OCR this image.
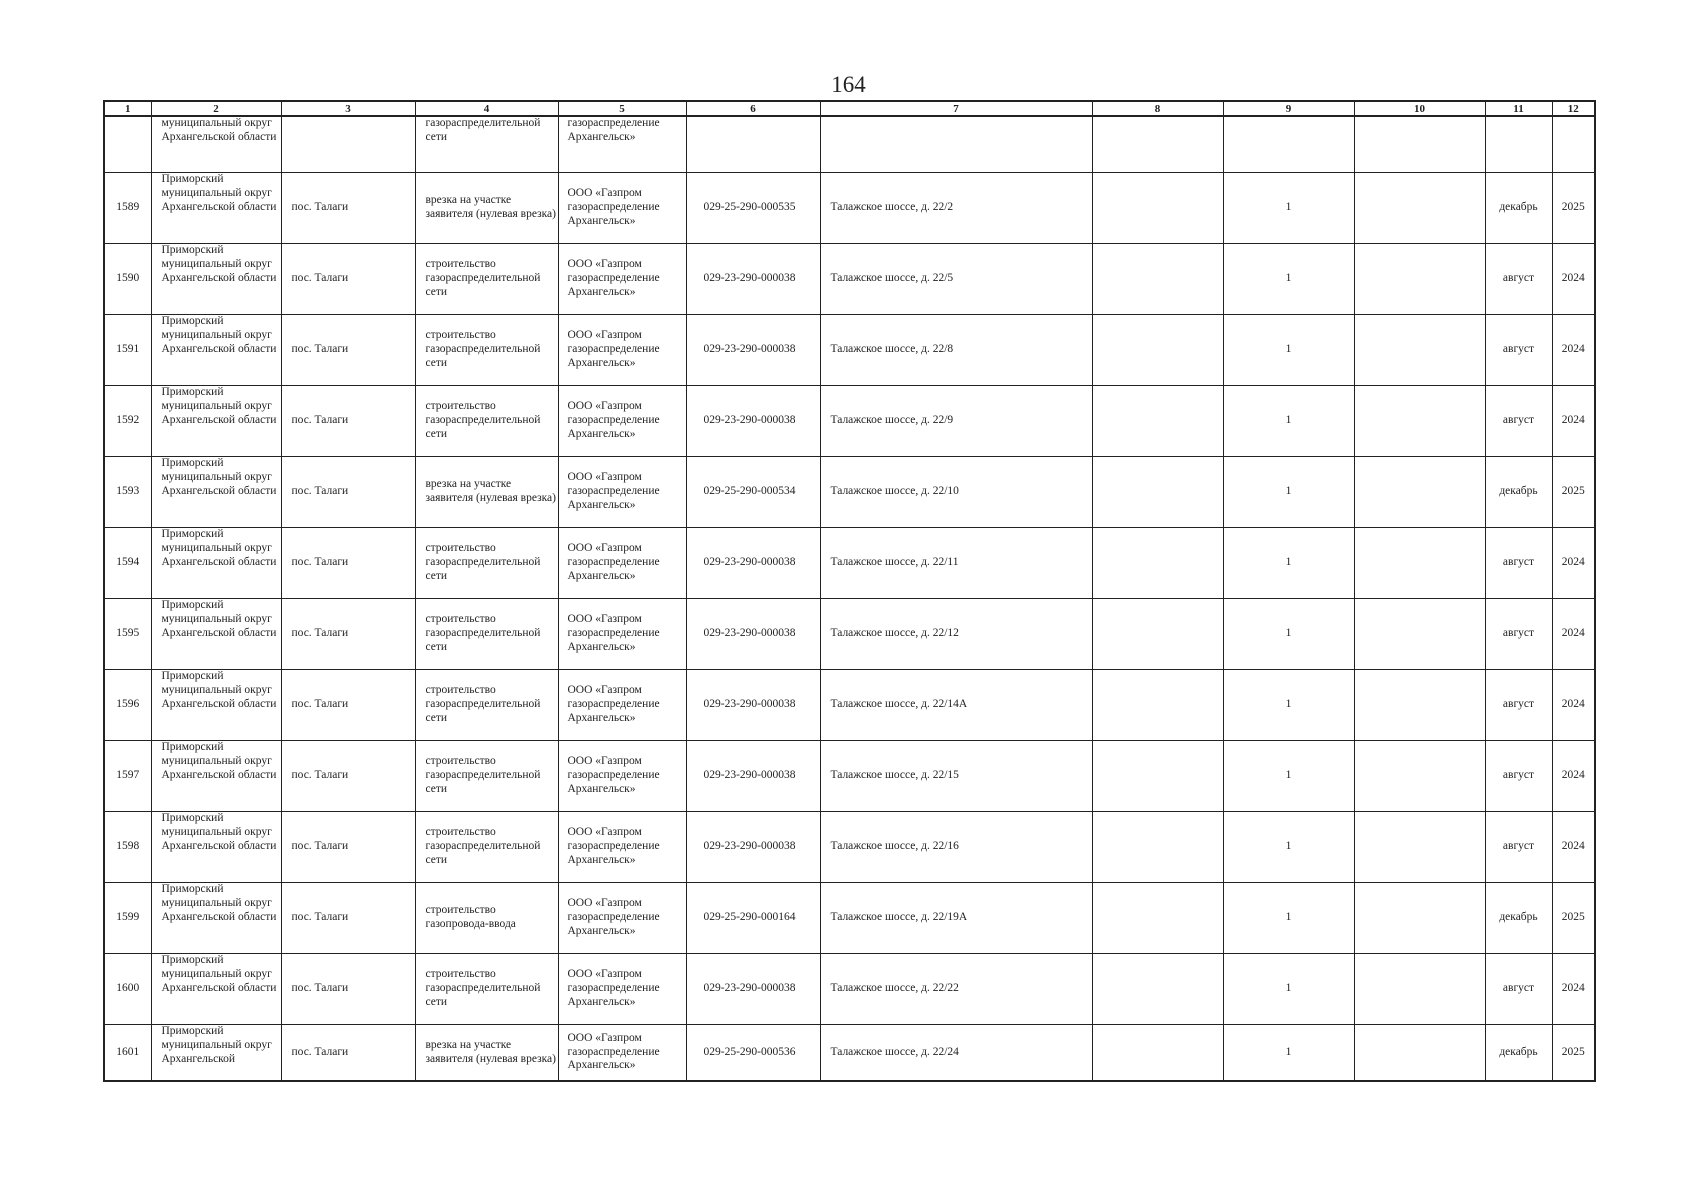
164
1	2	3	4	5	6	7	8	9	10	11	12

	муниципальный округ Архангельской области		газораспределительной сети	газораспределение Архангельск»							
1589	Приморский муниципальный округ Архангельской области	пос. Талаги	врезка на участке заявителя (нулевая врезка)	ООО «Газпром газораспределение Архангельск»	029-25-290-000535	Талажское шоссе, д. 22/2		1		декабрь	2025
1590	Приморский муниципальный округ Архангельской области	пос. Талаги	строительство газораспределительной сети	ООО «Газпром газораспределение Архангельск»	029-23-290-000038	Талажское шоссе, д. 22/5		1		август	2024
1591	Приморский муниципальный округ Архангельской области	пос. Талаги	строительство газораспределительной сети	ООО «Газпром газораспределение Архангельск»	029-23-290-000038	Талажское шоссе, д. 22/8		1		август	2024
1592	Приморский муниципальный округ Архангельской области	пос. Талаги	строительство газораспределительной сети	ООО «Газпром газораспределение Архангельск»	029-23-290-000038	Талажское шоссе, д. 22/9		1		август	2024
1593	Приморский муниципальный округ Архангельской области	пос. Талаги	врезка на участке заявителя (нулевая врезка)	ООО «Газпром газораспределение Архангельск»	029-25-290-000534	Талажское шоссе, д. 22/10		1		декабрь	2025
1594	Приморский муниципальный округ Архангельской области	пос. Талаги	строительство газораспределительной сети	ООО «Газпром газораспределение Архангельск»	029-23-290-000038	Талажское шоссе, д. 22/11		1		август	2024
1595	Приморский муниципальный округ Архангельской области	пос. Талаги	строительство газораспределительной сети	ООО «Газпром газораспределение Архангельск»	029-23-290-000038	Талажское шоссе, д. 22/12		1		август	2024
1596	Приморский муниципальный округ Архангельской области	пос. Талаги	строительство газораспределительной сети	ООО «Газпром газораспределение Архангельск»	029-23-290-000038	Талажское шоссе, д. 22/14А		1		август	2024
1597	Приморский муниципальный округ Архангельской области	пос. Талаги	строительство газораспределительной сети	ООО «Газпром газораспределение Архангельск»	029-23-290-000038	Талажское шоссе, д. 22/15		1		август	2024
1598	Приморский муниципальный округ Архангельской области	пос. Талаги	строительство газораспределительной сети	ООО «Газпром газораспределение Архангельск»	029-23-290-000038	Талажское шоссе, д. 22/16		1		август	2024
1599	Приморский муниципальный округ Архангельской области	пос. Талаги	строительство газопровода-ввода	ООО «Газпром газораспределение Архангельск»	029-25-290-000164	Талажское шоссе, д. 22/19А		1		декабрь	2025
1600	Приморский муниципальный округ Архангельской области	пос. Талаги	строительство газораспределительной сети	ООО «Газпром газораспределение Архангельск»	029-23-290-000038	Талажское шоссе, д. 22/22		1		август	2024
1601	Приморский муниципальный округ Архангельской	пос. Талаги	врезка на участке заявителя (нулевая врезка)	ООО «Газпром газораспределение Архангельск»	029-25-290-000536	Талажское шоссе, д. 22/24		1		декабрь	2025
